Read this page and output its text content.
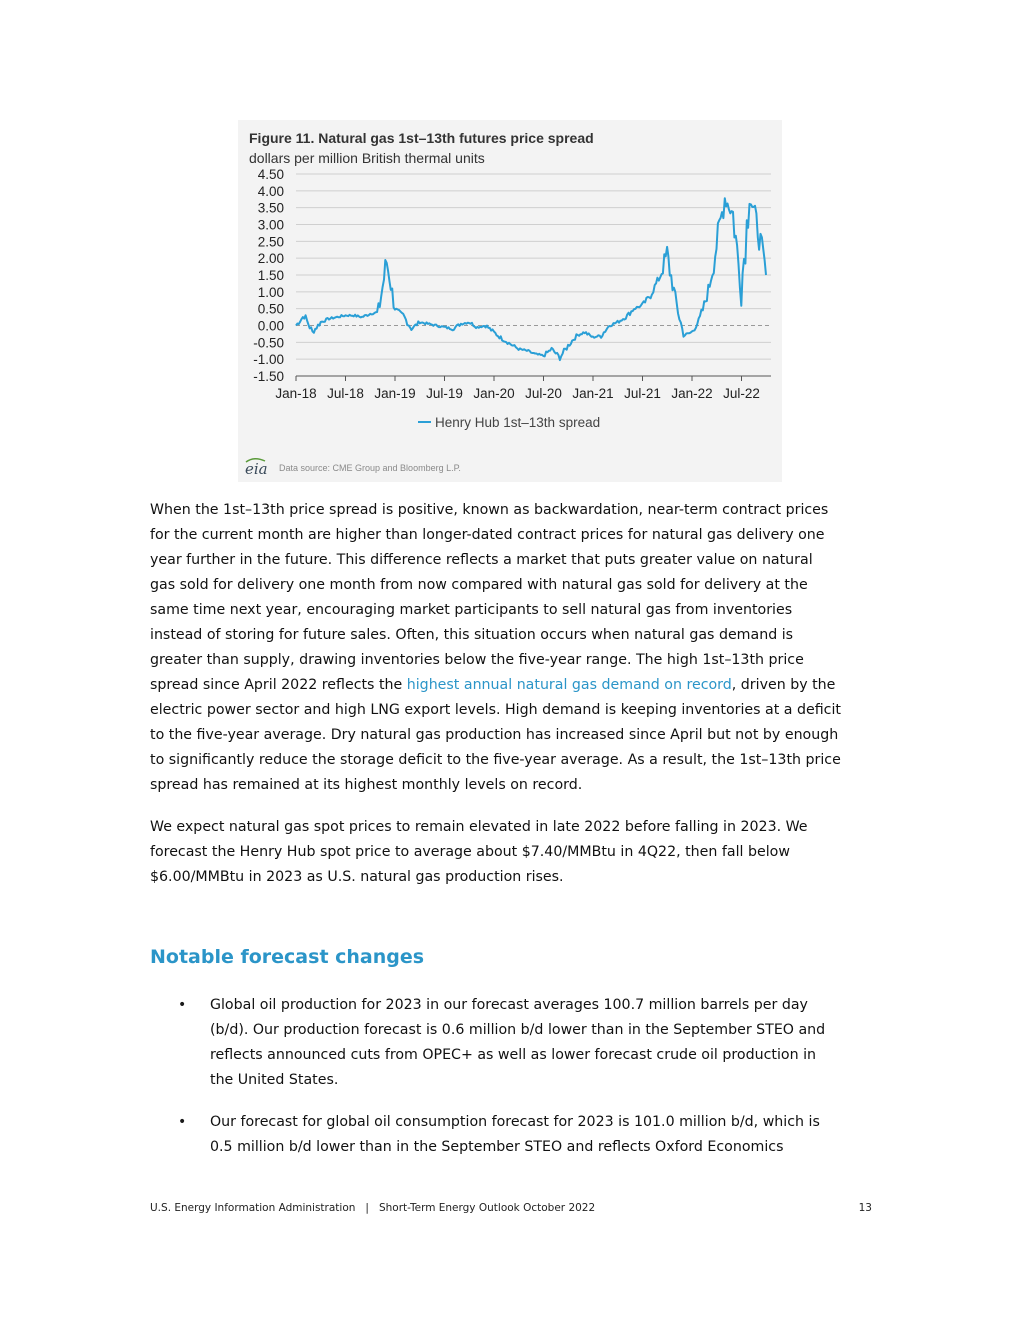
Figure 11. Natural gas 1st–13th futures price spread
dollars per million British thermal units
4.50
4.00
3.50
3.00
2.50
2.00
1.50
1.00
0.50
0.00
-0.50
-1.00
-1.50
Jan-18 Jul-18 Jan-19 Jul-19 Jan-20 Jul-20 Jan-21 Jul-21 Jan-22 Jul-22
Henry Hub 1st–13th spread
eia Data source: CME Group and Bloomberg L.P.
When the 1st–13th price spread is positive, known as backwardation, near-term contract prices
for the current month are higher than longer-dated contract prices for natural gas delivery one
year further in the future. This difference reflects a market that puts greater value on natural
gas sold for delivery one month from now compared with natural gas sold for delivery at the
same time next year, encouraging market participants to sell natural gas from inventories
instead of storing for future sales. Often, this situation occurs when natural gas demand is
greater than supply, drawing inventories below the five-year range. The high 1st–13th price
spread since April 2022 reflects the highest annual natural gas demand on record, driven by the
electric power sector and high LNG export levels. High demand is keeping inventories at a deficit
to the five-year average. Dry natural gas production has increased since April but not by enough
to significantly reduce the storage deficit to the five-year average. As a result, the 1st–13th price
spread has remained at its highest monthly levels on record.
We expect natural gas spot prices to remain elevated in late 2022 before falling in 2023. We
forecast the Henry Hub spot price to average about $7.40/MMBtu in 4Q22, then fall below
$6.00/MMBtu in 2023 as U.S. natural gas production rises.
Notable forecast changes
• Global oil production for 2023 in our forecast averages 100.7 million barrels per day
(b/d). Our production forecast is 0.6 million b/d lower than in the September STEO and
reflects announced cuts from OPEC+ as well as lower forecast crude oil production in
the United States.
• Our forecast for global oil consumption forecast for 2023 is 101.0 million b/d, which is
0.5 million b/d lower than in the September STEO and reflects Oxford Economics
U.S. Energy Information Administration   |   Short-Term Energy Outlook October 2022	13
